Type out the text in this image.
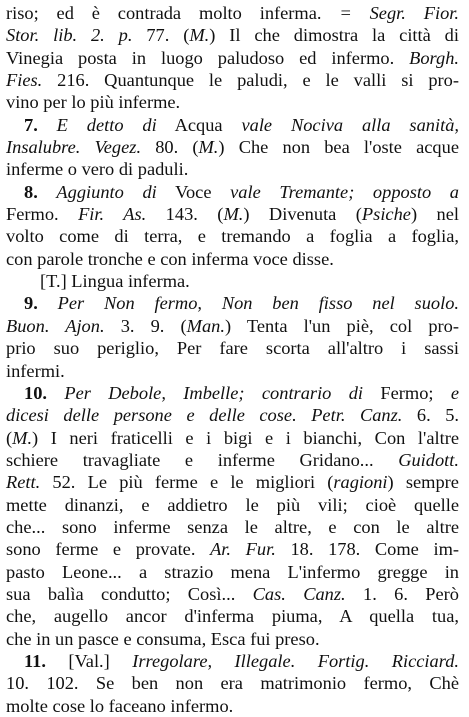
riso; ed è contrada molto inferma. = Segr. Fior.
Stor. lib. 2. p. 77. (M.) Il che dimostra la città di
Vinegia posta in luogo paludoso ed infermo. Borgh.
Fies. 216. Quantunque le paludi, e le valli si pro-
vino per lo più inferme.
7. E detto di Acqua vale Nociva alla sanità,
Insalubre. Vegez. 80. (M.) Che non bea l'oste acque
inferme o vero di paduli.
8. Aggiunto di Voce vale Tremante; opposto a
Fermo. Fir. As. 143. (M.) Divenuta (Psiche) nel
volto come di terra, e tremando a foglia a foglia,
con parole tronche e con inferma voce disse.
[T.] Lingua inferma.
9. Per Non fermo, Non ben fisso nel suolo.
Buon. Ajon. 3. 9. (Man.) Tenta l'un piè, col pro-
prio suo periglio, Per fare scorta all'altro i sassi
infermi.
10. Per Debole, Imbelle; contrario di Fermo; e
dicesi delle persone e delle cose. Petr. Canz. 6. 5.
(M.) I neri fraticelli e i bigi e i bianchi, Con l'altre
schiere travagliate e inferme Gridano... Guidott.
Rett. 52. Le più ferme e le migliori (ragioni) sempre
mette dinanzi, e addietro le più vili; cioè quelle
che... sono inferme senza le altre, e con le altre
sono ferme e provate. Ar. Fur. 18. 178. Come im-
pasto Leone... a strazio mena L'infermo gregge in
sua balìa condutto; Così... Cas. Canz. 1. 6. Però
che, augello ancor d'inferma piuma, A quella tua,
che in un pasce e consuma, Esca fui preso.
11. [Val.] Irregolare, Illegale. Fortig. Ricciard.
10. 102. Se ben non era matrimonio fermo, Chè
molte cose lo faceano infermo.
